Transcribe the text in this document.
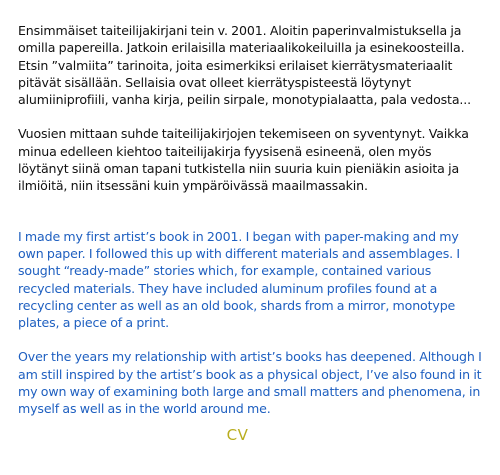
Ensimmäiset taiteilijakirjani tein v. 2001. Aloitin paperinvalmistuksella ja omilla papereilla. Jatkoin erilaisilla materiaalikokeiluilla ja esinekoosteilla. Etsin ”valmiita” tarinoita, joita esimerkiksi erilaiset kierrätysmateriaalit pitävät sisällään. Sellaisia ovat olleet kierrätyspisteestä löytynyt alumiiniprofiili, vanha kirja, peilin sirpale, monotypialaatta, pala vedosta...

Vuosien mittaan suhde taiteilijakirjojen tekemiseen on syventynyt. Vaikka minua edelleen kiehtoo taiteilijakirja fyysisenä esineenä, olen myös löytänyt siinä oman tapani tutkistella niin suuria kuin pieniäkin asioita ja ilmiöitä, niin itsessäni kuin ympäröivässä maailmassakin.

I made my first artist’s book in 2001. I began with paper-making and my own paper. I followed this up with different materials and assemblages. I sought “ready-made” stories which, for example, contained various recycled materials. They have included aluminum profiles found at a recycling center as well as an old book, shards from a mirror, monotype plates, a piece of a print.

Over the years my relationship with artist’s books has deepened. Although I am still inspired by the artist’s book as a physical object, I’ve also found in it my own way of examining both large and small matters and phenomena, in myself as well as in the world around me.

CV
